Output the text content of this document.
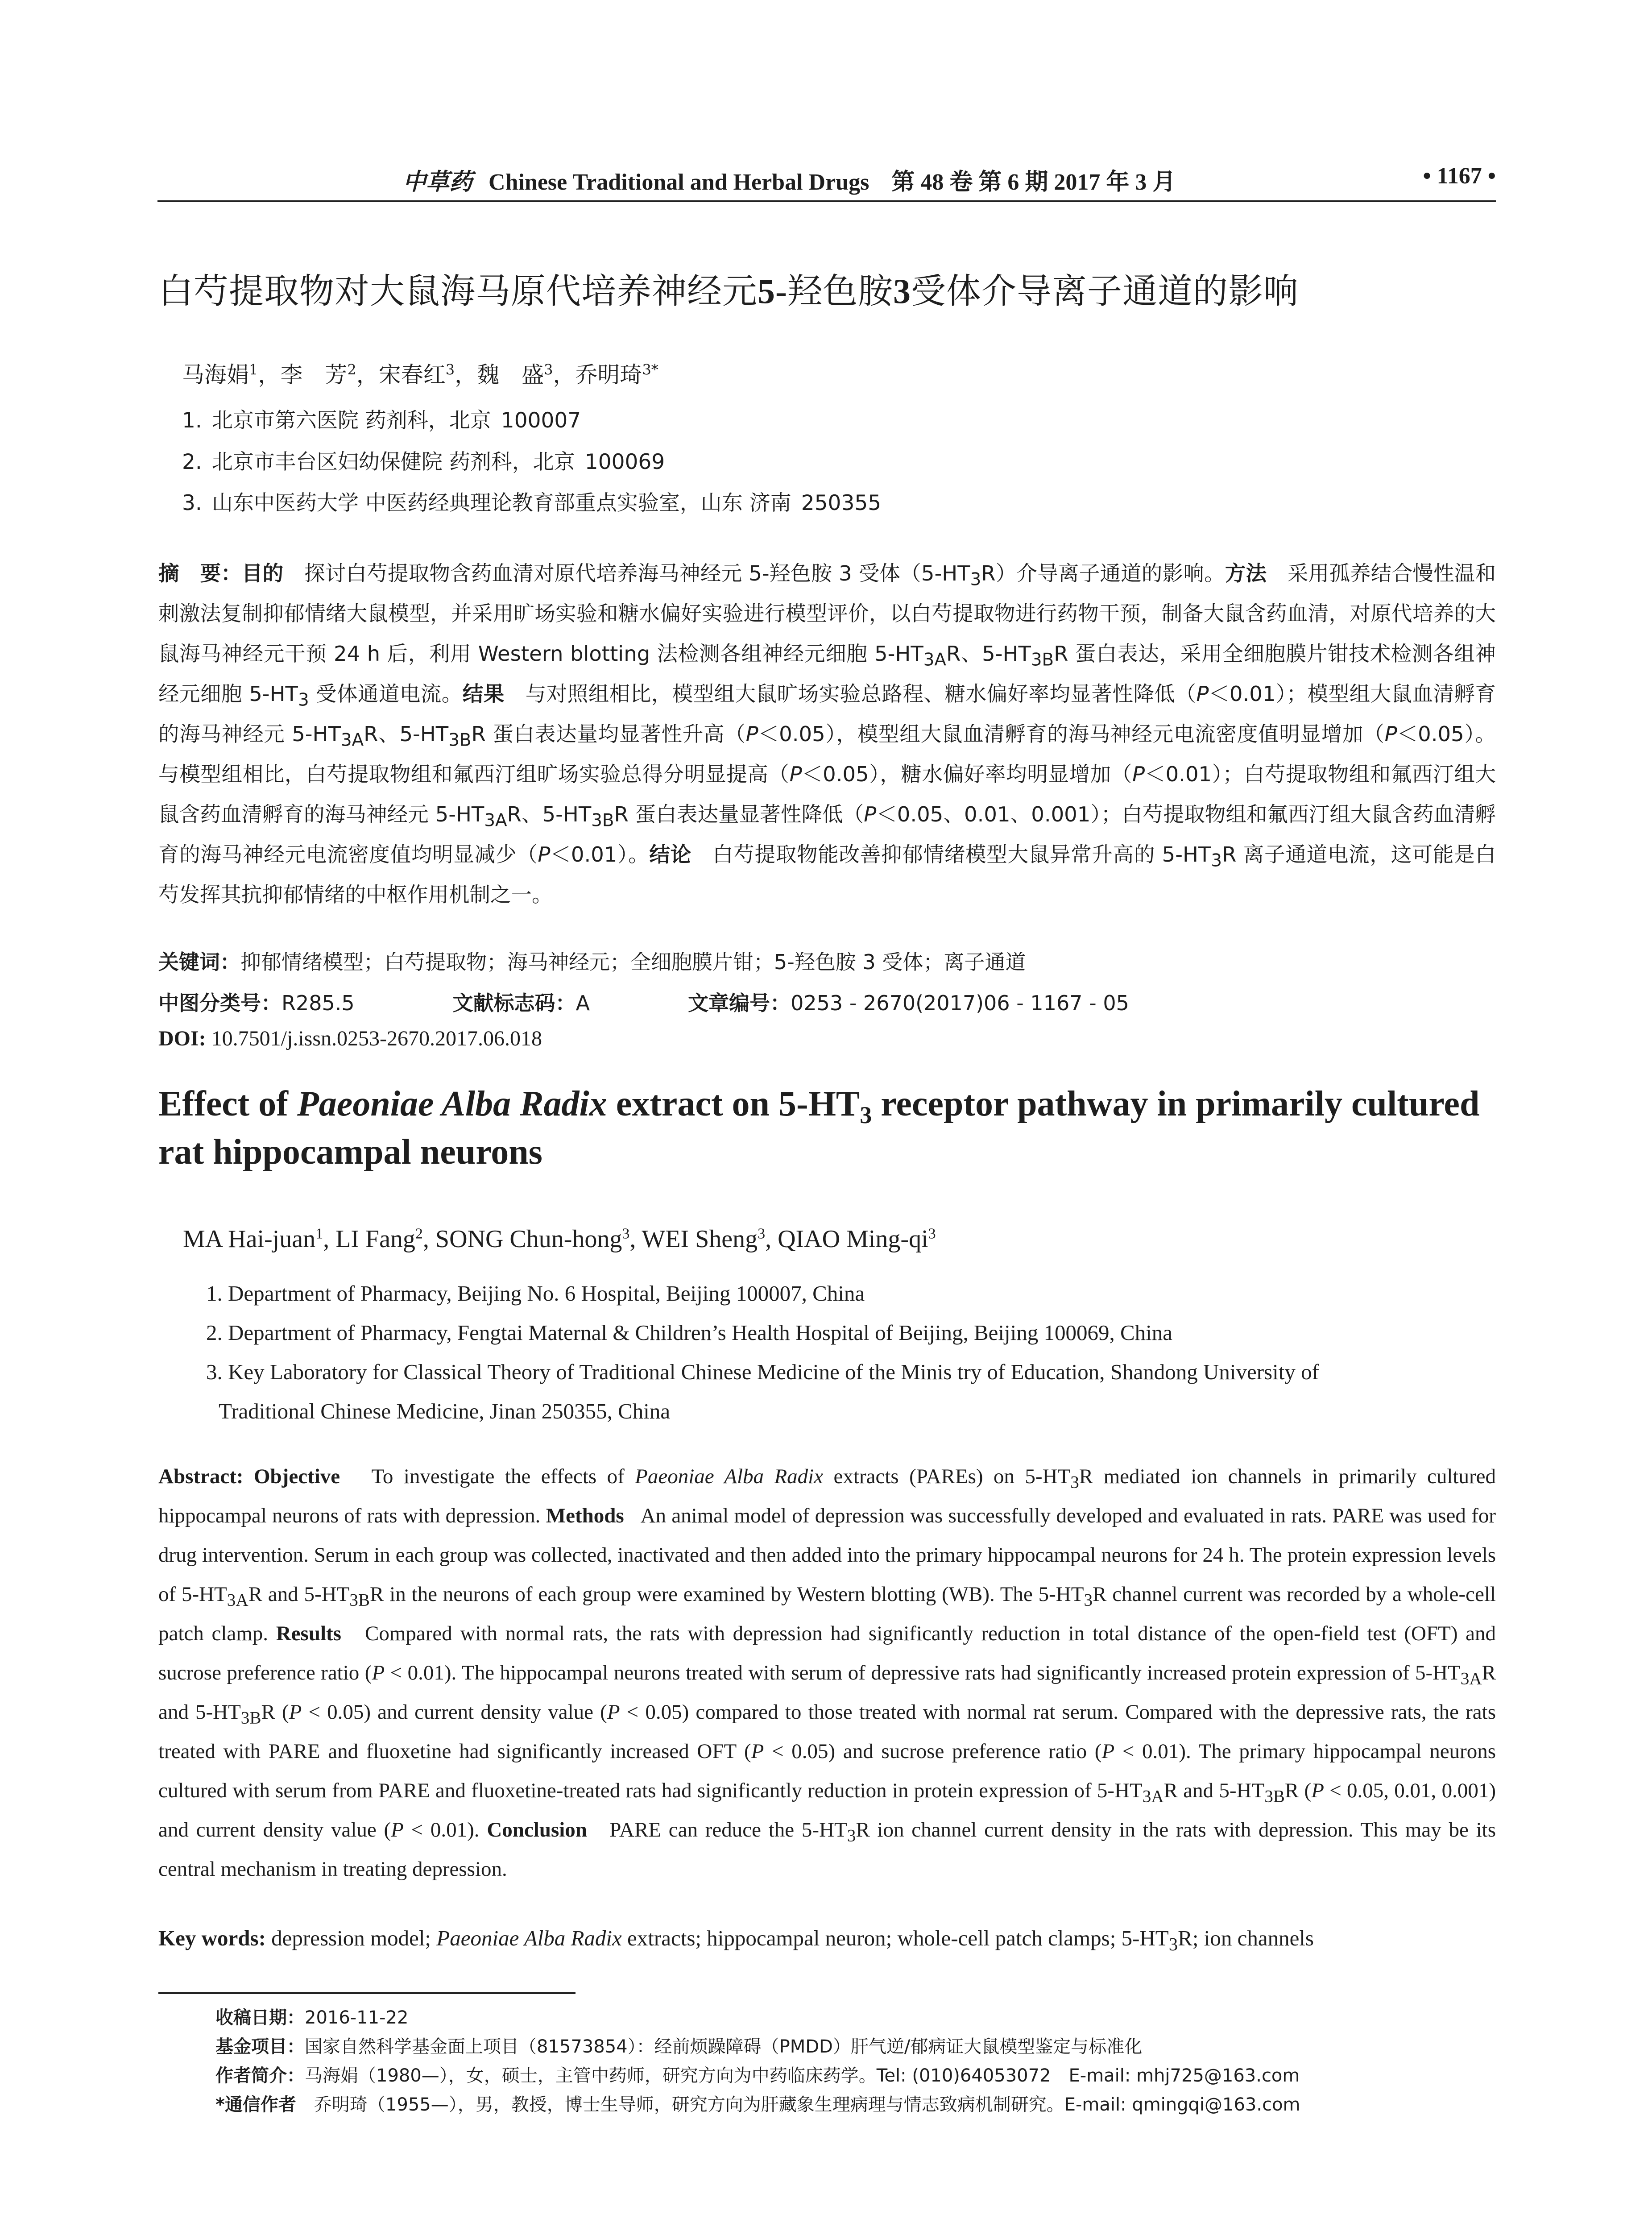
中草药 Chinese Traditional and Herbal Drugs 第 48 卷 第 6 期 2017 年 3 月	• 1167 •
白芍提取物对大鼠海马原代培养神经元5-羟色胺3受体介导离子通道的影响
马海娟$^1$，李　芳$^2$，宋春红$^3$，魏　盛$^3$，乔明琦$^{3*}$
1. 北京市第六医院 药剂科，北京 100007
2. 北京市丰台区妇幼保健院 药剂科，北京 100069
3. 山东中医药大学 中医药经典理论教育部重点实验室，山东 济南 250355
摘　要：目的　 探讨白芍提取物含药血清对原代培养海马神经元 5-羟色胺 3 受体$(5-HT_3R)$介导离子通道的影响。方法　 采用孤养结合慢性温和刺激法复制抑郁情绪大鼠模型，并采用旷场实验和糖水偏好实验进行模型评价，以白芍提取物进行药物干预，制备大鼠含药血清，对原代培养的大鼠海马神经元干预 24 h 后，利用 Western blotting 法检测各组神经元细胞 $5-HT_{3A}R$、$5-HT_{3B}R$ 蛋白表达，采用全细胞膜片钳技术检测各组神经元细胞 $5-HT_3$ 受体通道电流。结果　 与对照组相比，模型组大鼠旷场实验总路程、糖水偏好率均显著性降低（P＜0.01）；模型组大鼠血清孵育的海马神经元 $5-HT_{3A}R$、$5-HT_{3B}R$ 蛋白表达量均显著性升高（P＜0.05），模型组大鼠血清孵育的海马神经元电流密度值明显增加（P＜0.05）。与模型组相比，白芍提取物组和氟西汀组旷场实验总得分明显提高（P＜0.05），糖水偏好率均明显增加（P＜0.01）；白芍提取物组和氟西汀组大鼠含药血清孵育的海马神经元 $5-HT_{3A}R$、$5-HT_{3B}R$ 蛋白表达量显著性降低（P＜0.05、0.01、0.001）；白芍提取物组和氟西汀组大鼠含药血清孵育的海马神经元电流密度值均明显减少（P＜0.01）。结论　 白芍提取物能改善抑郁情绪模型大鼠异常升高的 $5-HT_3R$ 离子通道电流，这可能是白芍发挥其抗抑郁情绪的中枢作用机制之一。
关键词：抑郁情绪模型；白芍提取物；海马神经元；全细胞膜片钳；5-羟色胺 3 受体；离子通道
中图分类号：R285.5	文献标志码：A	文章编号：0253 - 2670(2017)06 - 1167 - 05
DOI: 10.7501/j.issn.0253-2670.2017.06.018
Effect of Paeoniae Alba Radix extract on $5-HT_3$ receptor pathway in primarily cultured rat hippocampal neurons
MA Hai-juan$^1$, LI Fang$^2$, SONG Chun-hong$^3$, WEI Sheng$^3$, QIAO Ming-$qi^3$
1. Department of Pharmacy, Beijing No. 6 Hospital, Beijing 100007, China
2. Department of Pharmacy, Fengtai Maternal & Children’s Health Hospital of Beijing, Beijing 100069, China
3. Key Laboratory for Classical Theory of Traditional Chinese Medicine of the Minis try of Education, Shandong University of
Traditional Chinese Medicine, Jinan 250355, China
Abstract: Objective To investigate the effects of Paeoniae Alba Radix extracts (PAREs) on $5-HT_3R$ mediated ion channels in primarily cultured hippocampal neurons of rats with depression. Methods An animal model of depression was successfully developed and evaluated in rats. PARE was used for drug intervention. Serum in each group was collected, inactivated and then added into the primary hippocampal neurons for 24 h. The protein expression levels of $5-HT_{3A}R$ and $5-HT_{3B}R$ in the neurons of each group were examined by Western blotting (WB). The $5-HT_3R$ channel current was recorded by a whole-cell patch clamp. Results Compared with normal rats, the rats with depression had significantly reduction in total distance of the open-field test (OFT) and sucrose preference ratio (P < 0.01). The hippocampal neurons treated with serum of depressive rats had significantly increased protein expression of $5-HT_{3A}R$ and $5-HT_{3B}R$ (P < 0.05) and current density value (P < 0.05) compared to those treated with normal rat serum. Compared with the depressive rats, the rats treated with PARE and fluoxetine had significantly increased OFT (P < 0.05) and sucrose preference ratio (P < 0.01). The primary hippocampal neurons cultured with serum from PARE and fluoxetine-treated rats had significantly reduction in protein expression of $5-HT_{3A}R$ and $5-HT_{3B}R$ (P < 0.05, 0.01, 0.001) and current density value (P < 0.01). Conclusion PARE can reduce the $5-HT_3R$ ion channel current density in the rats with depression. This may be its central mechanism in treating depression.
Key words: depression model; Paeoniae Alba Radix extracts; hippocampal neuron; whole-cell patch clamps; $5-HT_3R$; ion channels
收稿日期：2016-11-22
基金项目：国家自然科学基金面上项目（81573854）：经前烦躁障碍（PMDD）肝气逆/郁病证大鼠模型鉴定与标准化
作者简介：马海娟（1980—），女，硕士，主管中药师，研究方向为中药临床药学。Tel: (010)64053072　E-mail: mhj725@163.com
*通信作者　乔明琦（1955—），男，教授，博士生导师，研究方向为肝藏象生理病理与情志致病机制研究。E-mail: qmingqi@163.com
